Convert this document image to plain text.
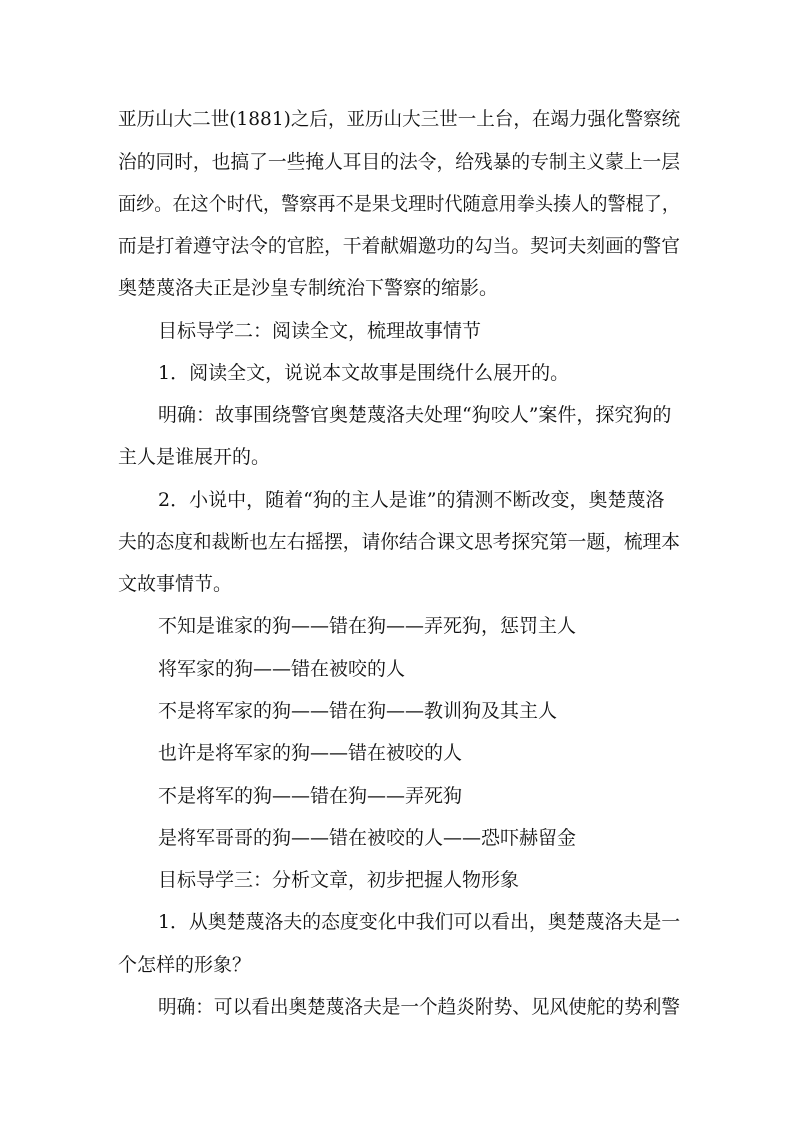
亚历山大二世(1881)之后，亚历山大三世一上台，在竭力强化警察统
治的同时，也搞了一些掩人耳目的法令，给残暴的专制主义蒙上一层
面纱。在这个时代，警察再不是果戈理时代随意用拳头揍人的警棍了，
而是打着遵守法令的官腔，干着献媚邀功的勾当。契诃夫刻画的警官
奥楚蔑洛夫正是沙皇专制统治下警察的缩影。
目标导学二：阅读全文，梳理故事情节
1．阅读全文，说说本文故事是围绕什么展开的。
明确：故事围绕警官奥楚蔑洛夫处理“狗咬人”案件，探究狗的
主人是谁展开的。
2．小说中，随着“狗的主人是谁”的猜测不断改变，奥楚蔑洛
夫的态度和裁断也左右摇摆，请你结合课文思考探究第一题，梳理本
文故事情节。
不知是谁家的狗——错在狗——弄死狗，惩罚主人
将军家的狗——错在被咬的人
不是将军家的狗——错在狗——教训狗及其主人
也许是将军家的狗——错在被咬的人
不是将军的狗——错在狗——弄死狗
是将军哥哥的狗——错在被咬的人——恐吓赫留金
目标导学三：分析文章，初步把握人物形象
1．从奥楚蔑洛夫的态度变化中我们可以看出，奥楚蔑洛夫是一
个怎样的形象？
明确：可以看出奥楚蔑洛夫是一个趋炎附势、见风使舵的势利警
